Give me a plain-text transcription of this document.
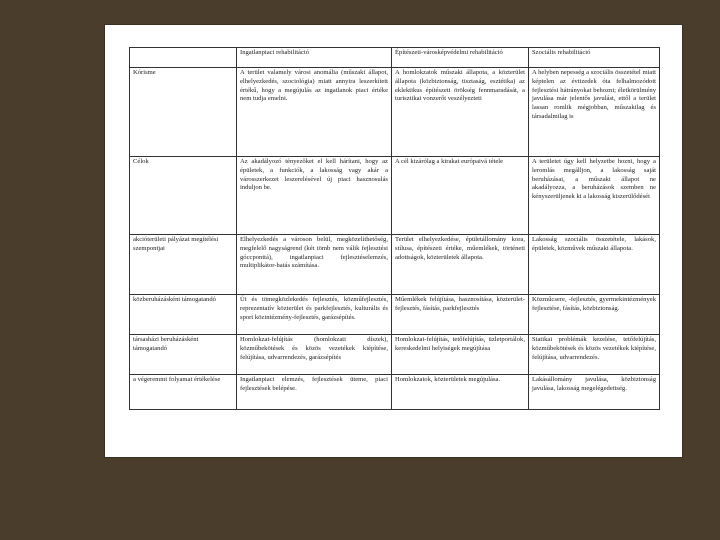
	Ingatlanpiaci rehabilitáció	Építészeti-városképvédelmi rehabilitáció	Szociális rehabilitáció
Kórisme	A terület valamely városi anomália (műszaki állapot, elhelyezkedés, szociológia) miatt annyira leszerkített értékű, hogy a megújulás az ingatlanok piaci értéke nem tudja emelni.	A homlokzatok műszaki állapota, a közterület állapota (közbiztonság, tisztaság, esztétika) az eklektikus építészeti örökség fennmaradását, a turisztikai vonzerőt veszélyezteti	A helyben nepesség a szociális összetétel miatt képtelen az évtizedek óta felhalmozódott fejlesztési hátrányokat behozni; életkörülmény javulása már jelentős javulást, ettől a terület lassan romlik mégjobban, műszakilag és társadalmilag is
Célok	Az akadályozó tényezőket el kell hárítani, hogy az épületek, a funkciók, a lakosság vagy akár a városszerkezet leszerelésével új piaci hasznosulás induljon be.	A cél kizárólag a kirakat európaivá tétele	A területet úgy kell helyzetbe hozni, hogy a leromlás megálljon, a lakosság saját beruházásai, a műszaki állapot ne akadályozza, a beruházások szemben ne kényszerüljenek ki a lakosság kiszerülődését
akcióterületi pályázat megítélési szempontjai	Elhelyezkedés a városon belül, megközelíthetőség, megfelelő nagyságrend (két tömb nem válik fejlesztési góccponttá), ingatlanpiaci fejlesztéselemzés, multiplikátor-hatás számítása.	Terület elhelyezkedése, épületállomány kora, stílusa, építészeti értéke, műemlékek, történeti adottságok, közterületek állapota.	Lakosság szociális összetétele, lakások, épületek, közművek műszaki állapota.
közberuházásként támogatandó	Út és tömegközlekedés fejlesztés, közműfejlesztés, reprezentatív közterület és parkfejlesztés, kulturális és sport közintézmény-fejlesztés, garázsépítés.	Műemlékek felújítása, hasznosítása, közterület-fejlesztés, fásítás, parkfejlesztés	Közműcsere, -fejlesztés, gyermekintézmények fejlesztése, fásítás, közbiztonság.
társasházi beruházásként támogatandó	Homlokzat-felújítás (homlokzati díszek), közműbekötések és közös vezetékek kiépítése, felújítása, udvarrendezés, garázsépítés	Homlokzat-felújítás, tetőfelújítás, üzletportálok, kereskedelmi helyiségek megújítása	Statikai problémák kezelése, tetőfelújítás, közműbekötések és közös vezetékek kiépítése, felújítása, udvarrendezés.
a végeremmt folyamat értékelése	Ingatlanpiaci elemzés, fejlesztések üteme, piaci fejlesztések belépése.	Homlokzatok, közterületek megújulása.	Lakásállomány javulása, közbiztonság javulása, lakosság megelégedettség.
